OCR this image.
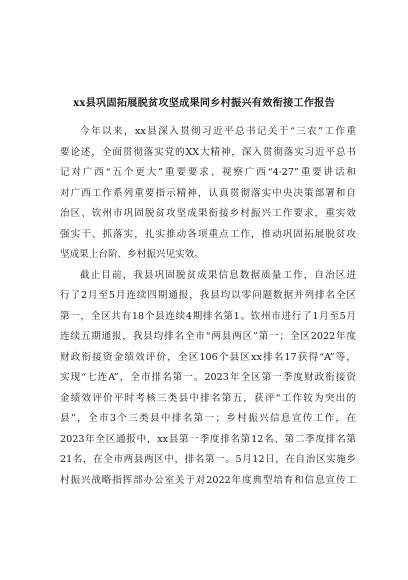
xx县巩固拓展脱贫攻坚成果同乡村振兴有效衔接工作报告
今年以来，xx县深入贯彻习近平总书记关于“三农”工作重
要论述，全面贯彻落实党的XX大精神，深入贯彻落实习近平总书
记对广西“五个更大”重要要求、视察广西“4·27”重要讲话和
对广西工作系列重要指示精神，认真贯彻落实中央决策部署和自
治区、钦州市巩固脱贫攻坚成果衔接乡村振兴工作要求，重实效
强实干、抓落实，扎实推动各项重点工作，推动巩固拓展脱贫攻
坚成果上台阶、乡村振兴见实效。
截止目前，我县巩固脱贫成果信息数据质量工作，自治区进
行了2月至5月连续四期通报，我县均以零问题数据并列排名全区
第一，全区共有18个县连续4期排名第1。钦州市进行了1月至5月
连续五期通报，我县均排名全市“两县两区”第一；全区2022年度
财政衔接资金绩效评价，全区106个县区xx排名17获得“A”等，
实现“七连A”，全市排名第一。2023年全区第一季度财政衔接资
金绩效评价平时考核三类县中排名第五，获评“工作较为突出的
县”，全市3个三类县中排名第一；乡村振兴信息宣传工作，在
2023年全区通报中，xx县第一季度排名第12名、第二季度排名第
21名，在全市两县两区中，排名第一。5月12日，在自治区实施乡
村振兴战略指挥部办公室关于对2022年度典型培育和信息宣传工
